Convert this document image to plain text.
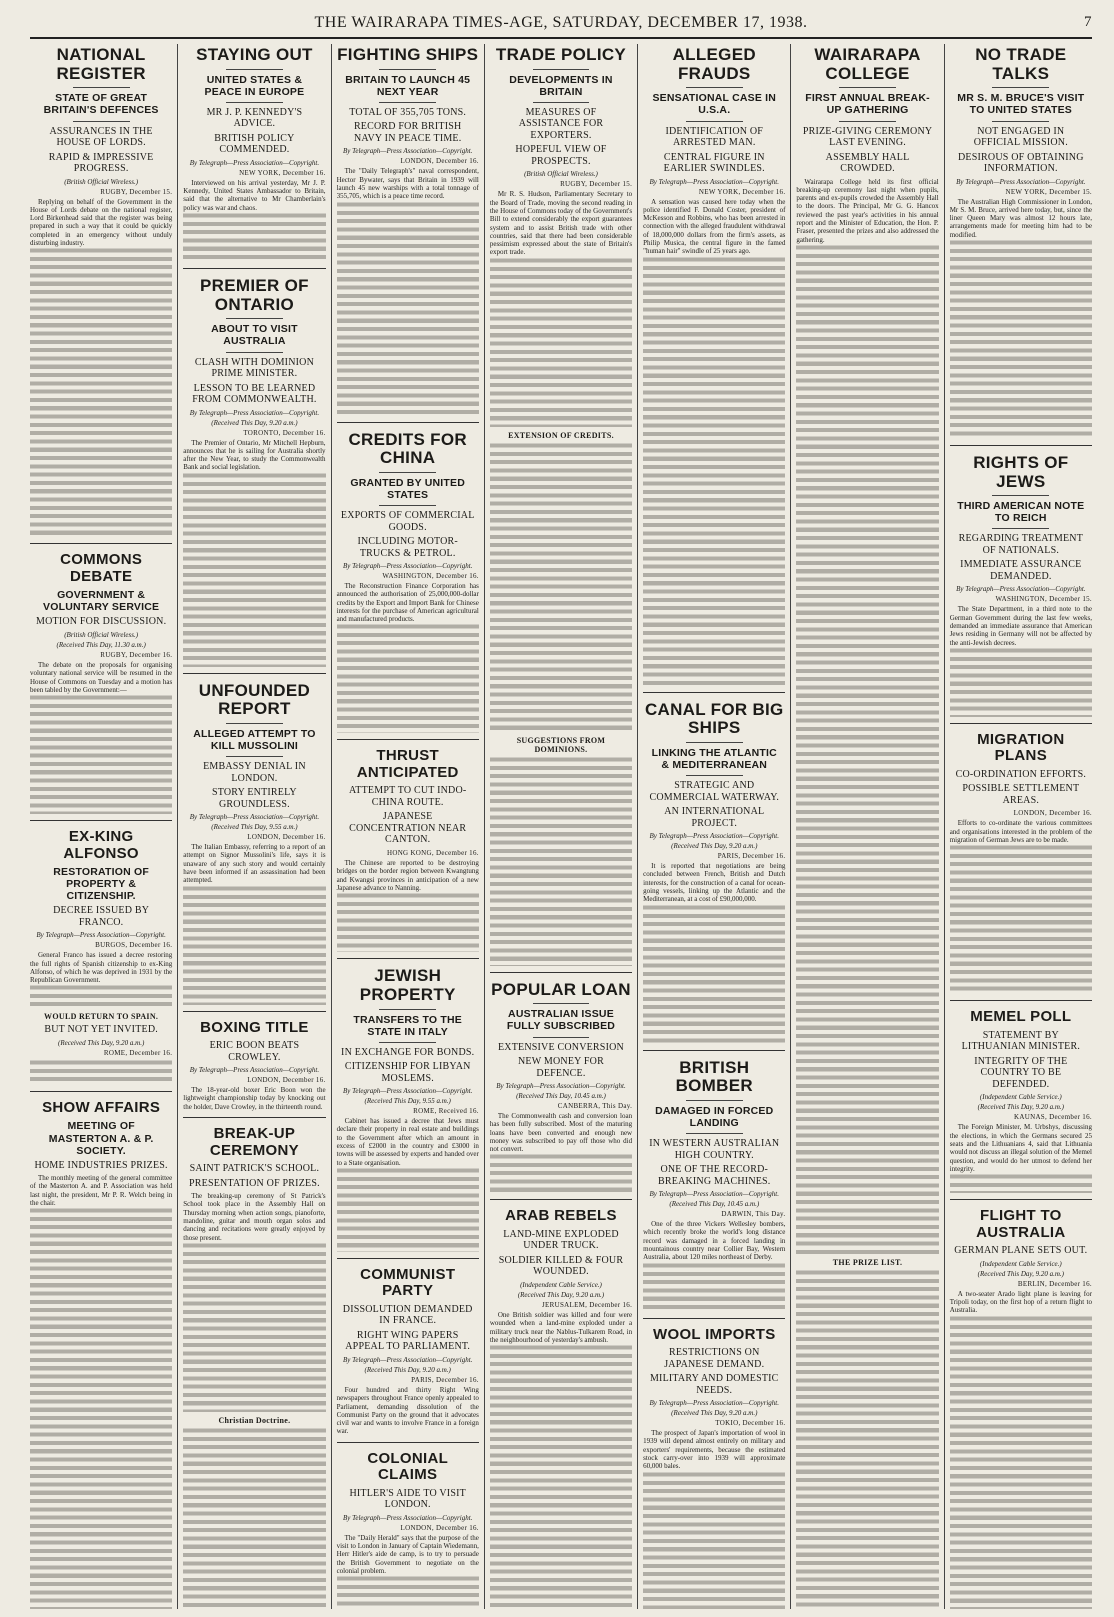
THE WAIRARAPA TIMES-AGE, SATURDAY, DECEMBER 17, 1938.	7
NATIONAL REGISTER
STATE OF GREAT BRITAIN'S DEFENCES
ASSURANCES IN THE HOUSE OF LORDS.
RAPID & IMPRESSIVE PROGRESS.
(British Official Wireless.)
RUGBY, December 15.

Replying on behalf of the Government in the House of Lords debate on the national register, Lord Birkenhead said that the register was being prepared in such a way that it could be quickly completed in an emergency without unduly disturbing industry.

COMMONS DEBATE
GOVERNMENT & VOLUNTARY SERVICE
MOTION FOR DISCUSSION.
(British Official Wireless.)
(Received This Day, 11.30 a.m.)
RUGBY, December 16.

The debate on the proposals for organising voluntary national service will be resumed in the House of Commons on Tuesday and a motion has been tabled by the Government:—

EX-KING ALFONSO
RESTORATION OF PROPERTY & CITIZENSHIP.
DECREE ISSUED BY FRANCO.
By Telegraph—Press Association—Copyright.
BURGOS, December 16.

General Franco has issued a decree restoring the full rights of Spanish citizenship to ex-King Alfonso, of which he was deprived in 1931 by the Republican Government.

WOULD RETURN TO SPAIN.
BUT NOT YET INVITED.
(Received This Day, 9.20 a.m.)
ROME, December 16.
SHOW AFFAIRS
MEETING OF MASTERTON A. & P. SOCIETY.
HOME INDUSTRIES PRIZES.

The monthly meeting of the general committee of the Masterton A. and P. Association was held last night, the president, Mr P. R. Welch being in the chair.

STAYING OUT
UNITED STATES & PEACE IN EUROPE
MR J. P. KENNEDY'S ADVICE.
BRITISH POLICY COMMENDED.
By Telegraph—Press Association—Copyright.
NEW YORK, December 16.

Interviewed on his arrival yesterday, Mr J. P. Kennedy, United States Ambassador to Britain, said that the alternative to Mr Chamberlain's policy was war and chaos.

PREMIER OF ONTARIO
ABOUT TO VISIT AUSTRALIA
CLASH WITH DOMINION PRIME MINISTER.
LESSON TO BE LEARNED FROM COMMONWEALTH.
By Telegraph—Press Association—Copyright.
(Received This Day, 9.20 a.m.)
TORONTO, December 16.

The Premier of Ontario, Mr Mitchell Hepburn, announces that he is sailing for Australia shortly after the New Year, to study the Commonwealth Bank and social legislation.

UNFOUNDED REPORT
ALLEGED ATTEMPT TO KILL MUSSOLINI
EMBASSY DENIAL IN LONDON.
STORY ENTIRELY GROUNDLESS.
By Telegraph—Press Association—Copyright.
(Received This Day, 9.55 a.m.)
LONDON, December 16.

The Italian Embassy, referring to a report of an attempt on Signor Mussolini's life, says it is unaware of any such story and would certainly have been informed if an assassination had been attempted.

BOXING TITLE
ERIC BOON BEATS CROWLEY.
By Telegraph—Press Association—Copyright.
LONDON, December 16.

The 18-year-old boxer Eric Boon won the lightweight championship today by knocking out the holder, Dave Crowley, in the thirteenth round.

BREAK-UP CEREMONY
SAINT PATRICK'S SCHOOL.
PRESENTATION OF PRIZES.

The breaking-up ceremony of St Patrick's School took place in the Assembly Hall on Thursday morning when action songs, pianoforte, mandoline, guitar and mouth organ solos and dancing and recitations were greatly enjoyed by those present.

Christian Doctrine.
FIGHTING SHIPS
BRITAIN TO LAUNCH 45 NEXT YEAR
TOTAL OF 355,705 TONS.
RECORD FOR BRITISH NAVY IN PEACE TIME.
By Telegraph—Press Association—Copyright.
LONDON, December 16.

The "Daily Telegraph's" naval correspondent, Hector Bywater, says that Britain in 1939 will launch 45 new warships with a total tonnage of 355,705, which is a peace time record.

CREDITS FOR CHINA
GRANTED BY UNITED STATES
EXPORTS OF COMMERCIAL GOODS.
INCLUDING MOTOR-TRUCKS & PETROL.
By Telegraph—Press Association—Copyright.
WASHINGTON, December 16.

The Reconstruction Finance Corporation has announced the authorisation of 25,000,000-dollar credits by the Export and Import Bank for Chinese interests for the purchase of American agricultural and manufactured products.

THRUST ANTICIPATED
ATTEMPT TO CUT INDO-CHINA ROUTE.
JAPANESE CONCENTRATION NEAR CANTON.
HONG KONG, December 16.

The Chinese are reported to be destroying bridges on the border region between Kwangtung and Kwangsi provinces in anticipation of a new Japanese advance to Nanning.

JEWISH PROPERTY
TRANSFERS TO THE STATE IN ITALY
IN EXCHANGE FOR BONDS.
CITIZENSHIP FOR LIBYAN MOSLEMS.
By Telegraph—Press Association—Copyright.
(Received This Day, 9.55 a.m.)
ROME, Received 16.

Cabinet has issued a decree that Jews must declare their property in real estate and buildings to the Government after which an amount in excess of £2000 in the country and £3000 in towns will be assessed by experts and handed over to a State organisation.

COMMUNIST PARTY
DISSOLUTION DEMANDED IN FRANCE.
RIGHT WING PAPERS APPEAL TO PARLIAMENT.
By Telegraph—Press Association—Copyright.
(Received This Day, 9.20 a.m.)
PARIS, December 16.

Four hundred and thirty Right Wing newspapers throughout France openly appealed to Parliament, demanding dissolution of the Communist Party on the ground that it advocates civil war and wants to involve France in a foreign war.

COLONIAL CLAIMS
HITLER'S AIDE TO VISIT LONDON.
By Telegraph—Press Association—Copyright.
LONDON, December 16.

The "Daily Herald" says that the purpose of the visit to London in January of Captain Wiedemann, Herr Hitler's aide de camp, is to try to persuade the British Government to negotiate on the colonial problem.

TRADE POLICY
DEVELOPMENTS IN BRITAIN
MEASURES OF ASSISTANCE FOR EXPORTERS.
HOPEFUL VIEW OF PROSPECTS.
(British Official Wireless.)
RUGBY, December 15.

Mr R. S. Hudson, Parliamentary Secretary to the Board of Trade, moving the second reading in the House of Commons today of the Government's Bill to extend considerably the export guarantees system and to assist British trade with other countries, said that there had been considerable pessimism expressed about the state of Britain's export trade.

EXTENSION OF CREDITS.
SUGGESTIONS FROM DOMINIONS.
POPULAR LOAN
AUSTRALIAN ISSUE FULLY SUBSCRIBED
EXTENSIVE CONVERSION
NEW MONEY FOR DEFENCE.
By Telegraph—Press Association—Copyright.
(Received This Day, 10.45 a.m.)
CANBERRA, This Day.

The Commonwealth cash and conversion loan has been fully subscribed. Most of the maturing loans have been converted and enough new money was subscribed to pay off those who did not convert.

ARAB REBELS
LAND-MINE EXPLODED UNDER TRUCK.
SOLDIER KILLED & FOUR WOUNDED.
(Independent Cable Service.)
(Received This Day, 9.20 a.m.)
JERUSALEM, December 16.

One British soldier was killed and four were wounded when a land-mine exploded under a military truck near the Nablus-Tulkarem Road, in the neighbourhood of yesterday's ambush.

ALLEGED FRAUDS
SENSATIONAL CASE IN U.S.A.
IDENTIFICATION OF ARRESTED MAN.
CENTRAL FIGURE IN EARLIER SWINDLES.
By Telegraph—Press Association—Copyright.
NEW YORK, December 16.

A sensation was caused here today when the police identified F. Donald Coster, president of McKesson and Robbins, who has been arrested in connection with the alleged fraudulent withdrawal of 18,000,000 dollars from the firm's assets, as Philip Musica, the central figure in the famed "human hair" swindle of 25 years ago.

CANAL FOR BIG SHIPS
LINKING THE ATLANTIC & MEDITERRANEAN
STRATEGIC AND COMMERCIAL WATERWAY.
AN INTERNATIONAL PROJECT.
By Telegraph—Press Association—Copyright.
(Received This Day, 9.20 a.m.)
PARIS, December 16.

It is reported that negotiations are being concluded between French, British and Dutch interests, for the construction of a canal for ocean-going vessels, linking up the Atlantic and the Mediterranean, at a cost of £90,000,000.

BRITISH BOMBER
DAMAGED IN FORCED LANDING
IN WESTERN AUSTRALIAN HIGH COUNTRY.
ONE OF THE RECORD-BREAKING MACHINES.
By Telegraph—Press Association—Copyright.
(Received This Day, 10.45 a.m.)
DARWIN, This Day.

One of the three Vickers Wellesley bombers, which recently broke the world's long distance record was damaged in a forced landing in mountainous country near Collier Bay, Western Australia, about 120 miles northeast of Derby.

WOOL IMPORTS
RESTRICTIONS ON JAPANESE DEMAND.
MILITARY AND DOMESTIC NEEDS.
By Telegraph—Press Association—Copyright.
(Received This Day, 9.20 a.m.)
TOKIO, December 16.

The prospect of Japan's importation of wool in 1939 will depend almost entirely on military and exporters' requirements, because the estimated stock carry-over into 1939 will approximate 60,000 bales.

WAIRARAPA COLLEGE
FIRST ANNUAL BREAK-UP GATHERING
PRIZE-GIVING CEREMONY LAST EVENING.
ASSEMBLY HALL CROWDED.

Wairarapa College held its first official breaking-up ceremony last night when pupils, parents and ex-pupils crowded the Assembly Hall to the doors. The Principal, Mr G. G. Hancox reviewed the past year's activities in his annual report and the Minister of Education, the Hon. P. Fraser, presented the prizes and also addressed the gathering.

THE PRIZE LIST.
NO TRADE TALKS
MR S. M. BRUCE'S VISIT TO UNITED STATES
NOT ENGAGED IN OFFICIAL MISSION.
DESIROUS OF OBTAINING INFORMATION.
By Telegraph—Press Association—Copyright.
NEW YORK, December 15.

The Australian High Commissioner in London, Mr S. M. Bruce, arrived here today, but, since the liner Queen Mary was almost 12 hours late, arrangements made for meeting him had to be modified.

RIGHTS OF JEWS
THIRD AMERICAN NOTE TO REICH
REGARDING TREATMENT OF NATIONALS.
IMMEDIATE ASSURANCE DEMANDED.
By Telegraph—Press Association—Copyright.
WASHINGTON, December 15.

The State Department, in a third note to the German Government during the last few weeks, demanded an immediate assurance that American Jews residing in Germany will not be affected by the anti-Jewish decrees.

MIGRATION PLANS
CO-ORDINATION EFFORTS.
POSSIBLE SETTLEMENT AREAS.
LONDON, December 16.

Efforts to co-ordinate the various committees and organisations interested in the problem of the migration of German Jews are to be made.

MEMEL POLL
STATEMENT BY LITHUANIAN MINISTER.
INTEGRITY OF THE COUNTRY TO BE DEFENDED.
(Independent Cable Service.)
(Received This Day, 9.20 a.m.)
KAUNAS, December 16.

The Foreign Minister, M. Urbshys, discussing the elections, in which the Germans secured 25 seats and the Lithuanians 4, said that Lithuania would not discuss an illegal solution of the Memel question, and would do her utmost to defend her integrity.

FLIGHT TO AUSTRALIA
GERMAN PLANE SETS OUT.
(Independent Cable Service.)
(Received This Day, 9.20 a.m.)
BERLIN, December 16.

A two-seater Arado light plane is leaving for Tripoli today, on the first hop of a return flight to Australia.
